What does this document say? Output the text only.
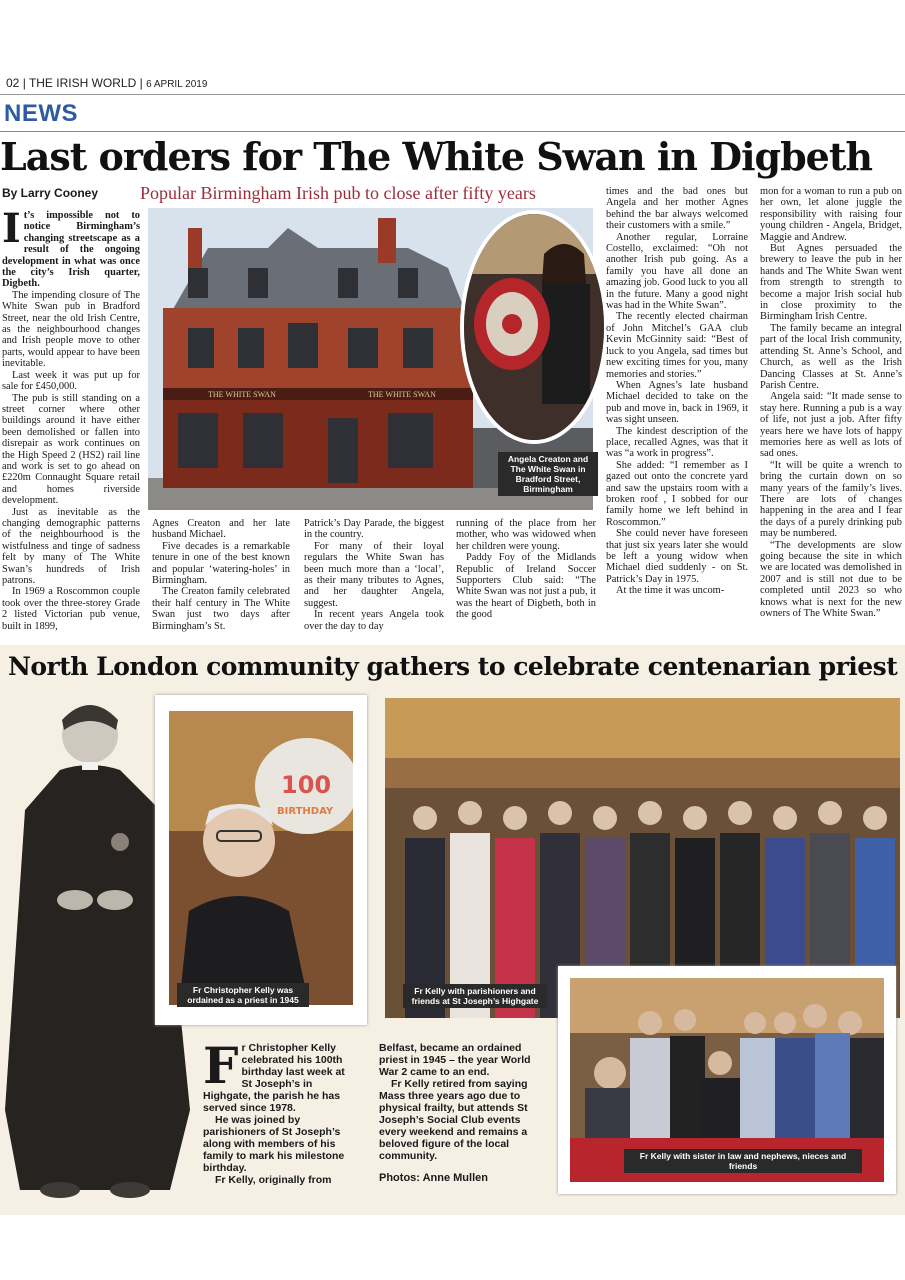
02 | THE IRISH WORLD | 6 APRIL 2019
NEWS
Last orders for The White Swan in Digbeth
By Larry Cooney Popular Birmingham Irish pub to close after fifty years
I t’s impossible not to notice Birmingham’s changing streetscape as a result of the ongoing development in what was once the city’s Irish quarter, Digbeth.

The impending closure of The White Swan pub in Bradford Street, near the old Irish Centre, as the neighbourhood changes and Irish people move to other parts, would appear to have been inevitable.

Last week it was put up for sale for £450,000.

The pub is still standing on a street corner where other buildings around it have either been demolished or fallen into disrepair as work continues on the High Speed 2 (HS2) rail line and work is set to go ahead on £220m Connaught Square retail and homes riverside development.

Just as inevitable as the changing demographic patterns of the neighbourhood is the wistfulness and tinge of sadness felt by many of The White Swan’s hundreds of Irish patrons.

In 1969 a Roscommon couple took over the three-storey Grade 2 listed Victorian pub venue, built in 1899,

THE WHITE SWAN	THE WHITE SWAN
Angela Creaton and The White Swan in Bradford Street, Birmingham

Agnes Creaton and her late husband Michael.

Five decades is a remarkable tenure in one of the best known and popular ‘watering-holes’ in Birmingham.

The Creaton family celebrated their half century in The White Swan just two days after Birmingham’s St.

Patrick’s Day Parade, the biggest in the country.

For many of their loyal regulars the White Swan has been much more than a ‘local’, as their many tributes to Agnes, and her daughter Angela, suggest.

In recent years Angela took over the day to day

running of the place from her mother, who was widowed when her children were young.

Paddy Foy of the Midlands Republic of Ireland Soccer Supporters Club said: “The White Swan was not just a pub, it was the heart of Digbeth, both in the good

times and the bad ones but Angela and her mother Agnes behind the bar always welcomed their customers with a smile.”

Another regular, Lorraine Costello, exclaimed: “Oh not another Irish pub going. As a family you have all done an amazing job. Good luck to you all in the future. Many a good night was had in the White Swan”.

The recently elected chairman of John Mitchel’s GAA club Kevin McGinnity said: “Best of luck to you Angela, sad times but new exciting times for you, many memories and stories.”

When Agnes’s late husband Michael decided to take on the pub and move in, back in 1969, it was sight unseen.

The kindest description of the place, recalled Agnes, was that it was “a work in progress”.

She added: “I remember as I gazed out onto the concrete yard and saw the upstairs room with a broken roof , I sobbed for our family home we left behind in Roscommon.”

She could never have foreseen that just six years later she would be left a young widow when Michael died suddenly - on St. Patrick’s Day in 1975.

At the time it was uncom-

mon for a woman to run a pub on her own, let alone juggle the responsibility with raising four young children - Angela, Bridget, Maggie and Andrew.

But Agnes persuaded the brewery to leave the pub in her hands and The White Swan went from strength to strength to become a major Irish social hub in close proximity to the Birmingham Irish Centre.

The family became an integral part of the local Irish community, attending St. Anne’s School, and Church, as well as the Irish Dancing Classes at St. Anne’s Parish Centre.

Angela said: “It made sense to stay here. Running a pub is a way of life, not just a job. After fifty years here we have lots of happy memories here as well as lots of sad ones.

“It will be quite a wrench to bring the curtain down on so many years of the family’s lives. There are lots of changes happening in the area and I fear the days of a purely drinking pub may be numbered.

“The developments are slow going because the site in which we are located was demolished in 2007 and is still not due to be completed until 2023 so who knows what is next for the new owners of The White Swan.”

North London community gathers to celebrate centenarian priest
100
BIRTHDAY
Fr Christopher Kelly was ordained as a priest in 1945
Fr Kelly with parishioners and friends at St Joseph’s Highgate
Fr Kelly with sister in law and nephews, nieces and friends
F r Christopher Kelly celebrated his 100th birthday last week at St Joseph’s in Highgate, the parish he has served since 1978.

He was joined by parishioners of St Joseph’s along with members of his family to mark his milestone birthday.

Fr Kelly, originally from

Belfast, became an ordained priest in 1945 – the year World War 2 came to an end.

Fr Kelly retired from saying Mass three years ago due to physical frailty, but attends St Joseph’s Social Club events every weekend and remains a beloved figure of the local community.

Photos: Anne Mullen
